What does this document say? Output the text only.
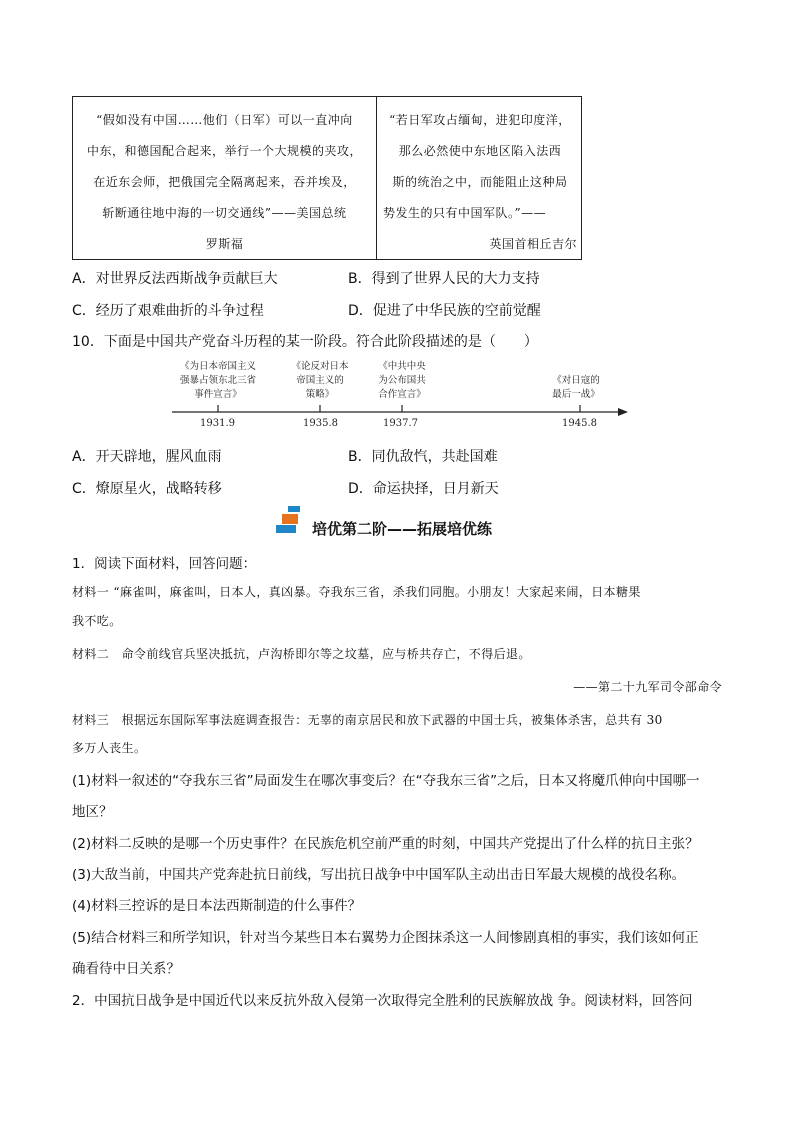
“假如没有中国……他们（日军）可以一直冲向
中东，和德国配合起来，举行一个大规模的夹攻，
在近东会师，把俄国完全隔离起来，吞并埃及，
斩断通往地中海的一切交通线”——美国总统
罗斯福
“若日军攻占缅甸，进犯印度洋，
那么必然使中东地区陷入法西
斯的统治之中，而能阻止这种局
势发生的只有中国军队。”——
英国首相丘吉尔
A．对世界反法西斯战争贡献巨大	B．得到了世界人民的大力支持
C．经历了艰难曲折的斗争过程	D．促进了中华民族的空前觉醒
10．下面是中国共产党奋斗历程的某一阶段。符合此阶段描述的是（　　）
《为日本帝国主义
强暴占领东北三省
事件宣言》
《论反对日本
帝国主义的
策略》
《中共中央
为公布国共
合作宣言》
《对日寇的
最后一战》
1931.9	1935.8	1937.7	1945.8
A．开天辟地，腥风血雨	B．同仇敌忾，共赴国难
C．燎原星火，战略转移	D．命运抉择，日月新天
培优第二阶——拓展培优练
1．阅读下面材料，回答问题：
材料一 “麻雀叫，麻雀叫，日本人，真凶暴。夺我东三省，杀我们同胞。小朋友！大家起来闹，日本糖果
我不吃。
材料二　命令前线官兵坚决抵抗，卢沟桥即尔等之坟墓，应与桥共存亡，不得后退。
——第二十九军司令部命令
材料三　根据远东国际军事法庭调查报告：无辜的南京居民和放下武器的中国士兵，被集体杀害，总共有 30
多万人丧生。
(1)材料一叙述的“夺我东三省”局面发生在哪次事变后？在“夺我东三省”之后，日本又将魔爪伸向中国哪一
地区？
(2)材料二反映的是哪一个历史事件？在民族危机空前严重的时刻，中国共产党提出了什么样的抗日主张？
(3)大敌当前，中国共产党奔赴抗日前线，写出抗日战争中中国军队主动出击日军最大规模的战役名称。
(4)材料三控诉的是日本法西斯制造的什么事件？
(5)结合材料三和所学知识，针对当今某些日本右翼势力企图抹杀这一人间惨剧真相的事实，我们该如何正
确看待中日关系？
2．中国抗日战争是中国近代以来反抗外敌入侵第一次取得完全胜利的民族解放战 争。阅读材料，回答问
